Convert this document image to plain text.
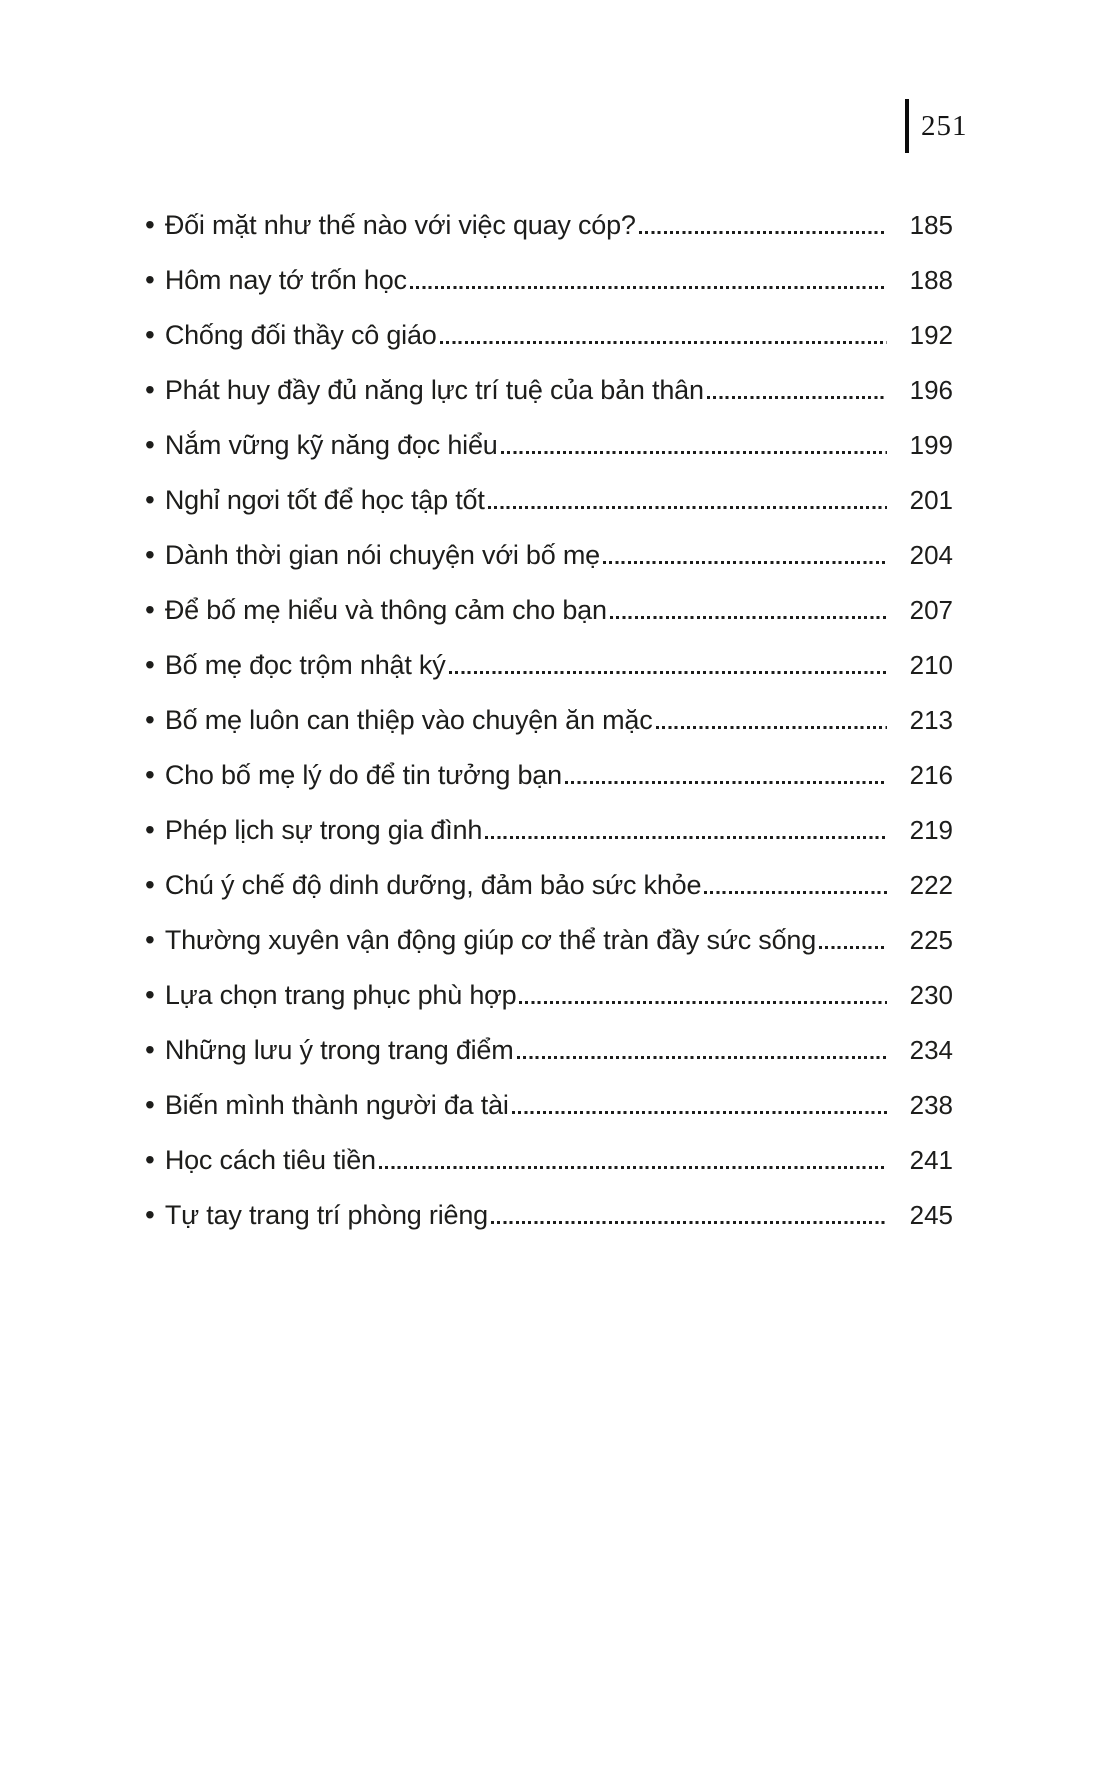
251
• Đối mặt như thế nào với việc quay cóp?	185
• Hôm nay tớ trốn học	188
• Chống đối thầy cô giáo	192
• Phát huy đầy đủ năng lực trí tuệ của bản thân	196
• Nắm vững kỹ năng đọc hiểu	199
• Nghỉ ngơi tốt để học tập tốt	201
• Dành thời gian nói chuyện với bố mẹ	204
• Để bố mẹ hiểu và thông cảm cho bạn	207
• Bố mẹ đọc trộm nhật ký	210
• Bố mẹ luôn can thiệp vào chuyện ăn mặc	213
• Cho bố mẹ lý do để tin tưởng bạn	216
• Phép lịch sự trong gia đình	219
• Chú ý chế độ dinh dưỡng, đảm bảo sức khỏe	222
• Thường xuyên vận động giúp cơ thể tràn đầy sức sống	225
• Lựa chọn trang phục phù hợp	230
• Những lưu ý trong trang điểm	234
• Biến mình thành người đa tài	238
• Học cách tiêu tiền	241
• Tự tay trang trí phòng riêng	245
